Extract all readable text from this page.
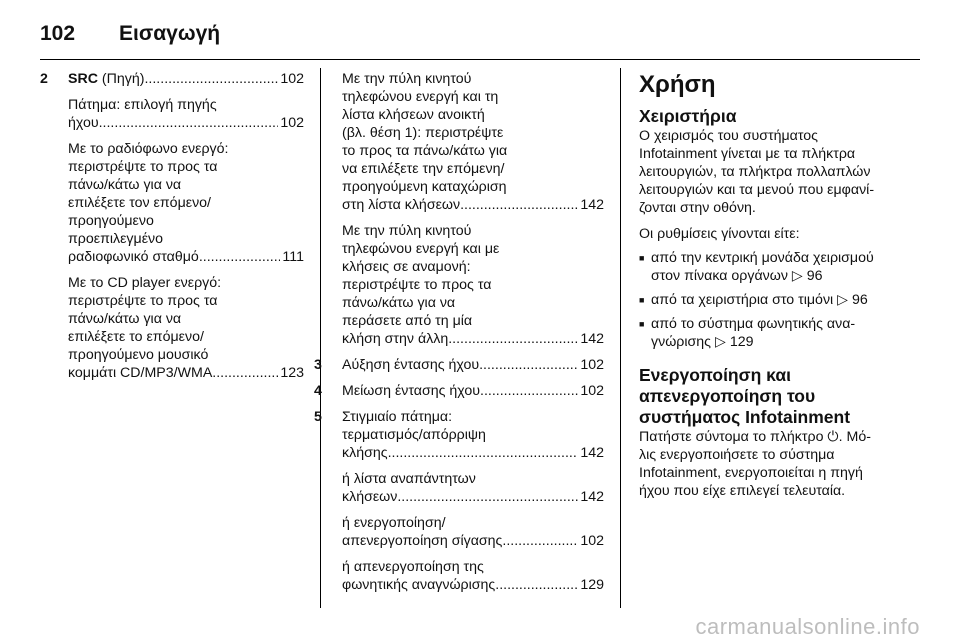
102 Εισαγωγή
2	SRC (Πηγή) .....	102
Πάτημα: επιλογή πηγής
ήχου .....	102
Με το ραδιόφωνο ενεργό:
περιστρέψτε το προς τα
πάνω/κάτω για να
επιλέξετε τον επόμενο/
προηγούμενο
προεπιλεγμένο
ραδιοφωνικό σταθμό .....	111
Με το CD player ενεργό:
περιστρέψτε το προς τα
πάνω/κάτω για να
επιλέξετε το επόμενο/
προηγούμενο μουσικό
κομμάτι CD/MP3/WMA .....	123
Με την πύλη κινητού
τηλεφώνου ενεργή και τη
λίστα κλήσεων ανοικτή
(βλ. θέση 1): περιστρέψτε
το προς τα πάνω/κάτω για
να επιλέξετε την επόμενη/
προηγούμενη καταχώριση
στη λίστα κλήσεων .....	142
Με την πύλη κινητού
τηλεφώνου ενεργή και με
κλήσεις σε αναμονή:
περιστρέψτε το προς τα
πάνω/κάτω για να
περάσετε από τη μία
κλήση στην άλλη .....	142
3	Αύξηση έντασης ήχου .....	102
4	Μείωση έντασης ήχου .....	102
5	Στιγμιαίο πάτημα:
τερματισμός/απόρριψη
κλήσης .....	142
ή λίστα αναπάντητων
κλήσεων .....	142
ή ενεργοποίηση/
απενεργοποίηση σίγασης .....	102
ή απενεργοποίηση της
φωνητικής αναγνώρισης .....	129
Χρήση
Χειριστήρια
Ο χειρισμός του συστήματος
Infotainment γίνεται με τα πλήκτρα
λειτουργιών, τα πλήκτρα πολλαπλών
λειτουργιών και τα μενού που εμφανί-
ζονται στην οθόνη.
Οι ρυθμίσεις γίνονται είτε:
■ από την κεντρική μονάδα χειρισμού
στον πίνακα οργάνων ▷ 96
■ από τα χειριστήρια στο τιμόνι ▷ 96
■ από το σύστημα φωνητικής ανα-
γνώρισης ▷ 129
Ενεργοποίηση και
απενεργοποίηση του
συστήματος Infotainment
Πατήστε σύντομα το πλήκτρο ⏻. Μό-
λις ενεργοποιήσετε το σύστημα
Infotainment, ενεργοποιείται η πηγή
ήχου που είχε επιλεγεί τελευταία.
carmanualsonline.info
